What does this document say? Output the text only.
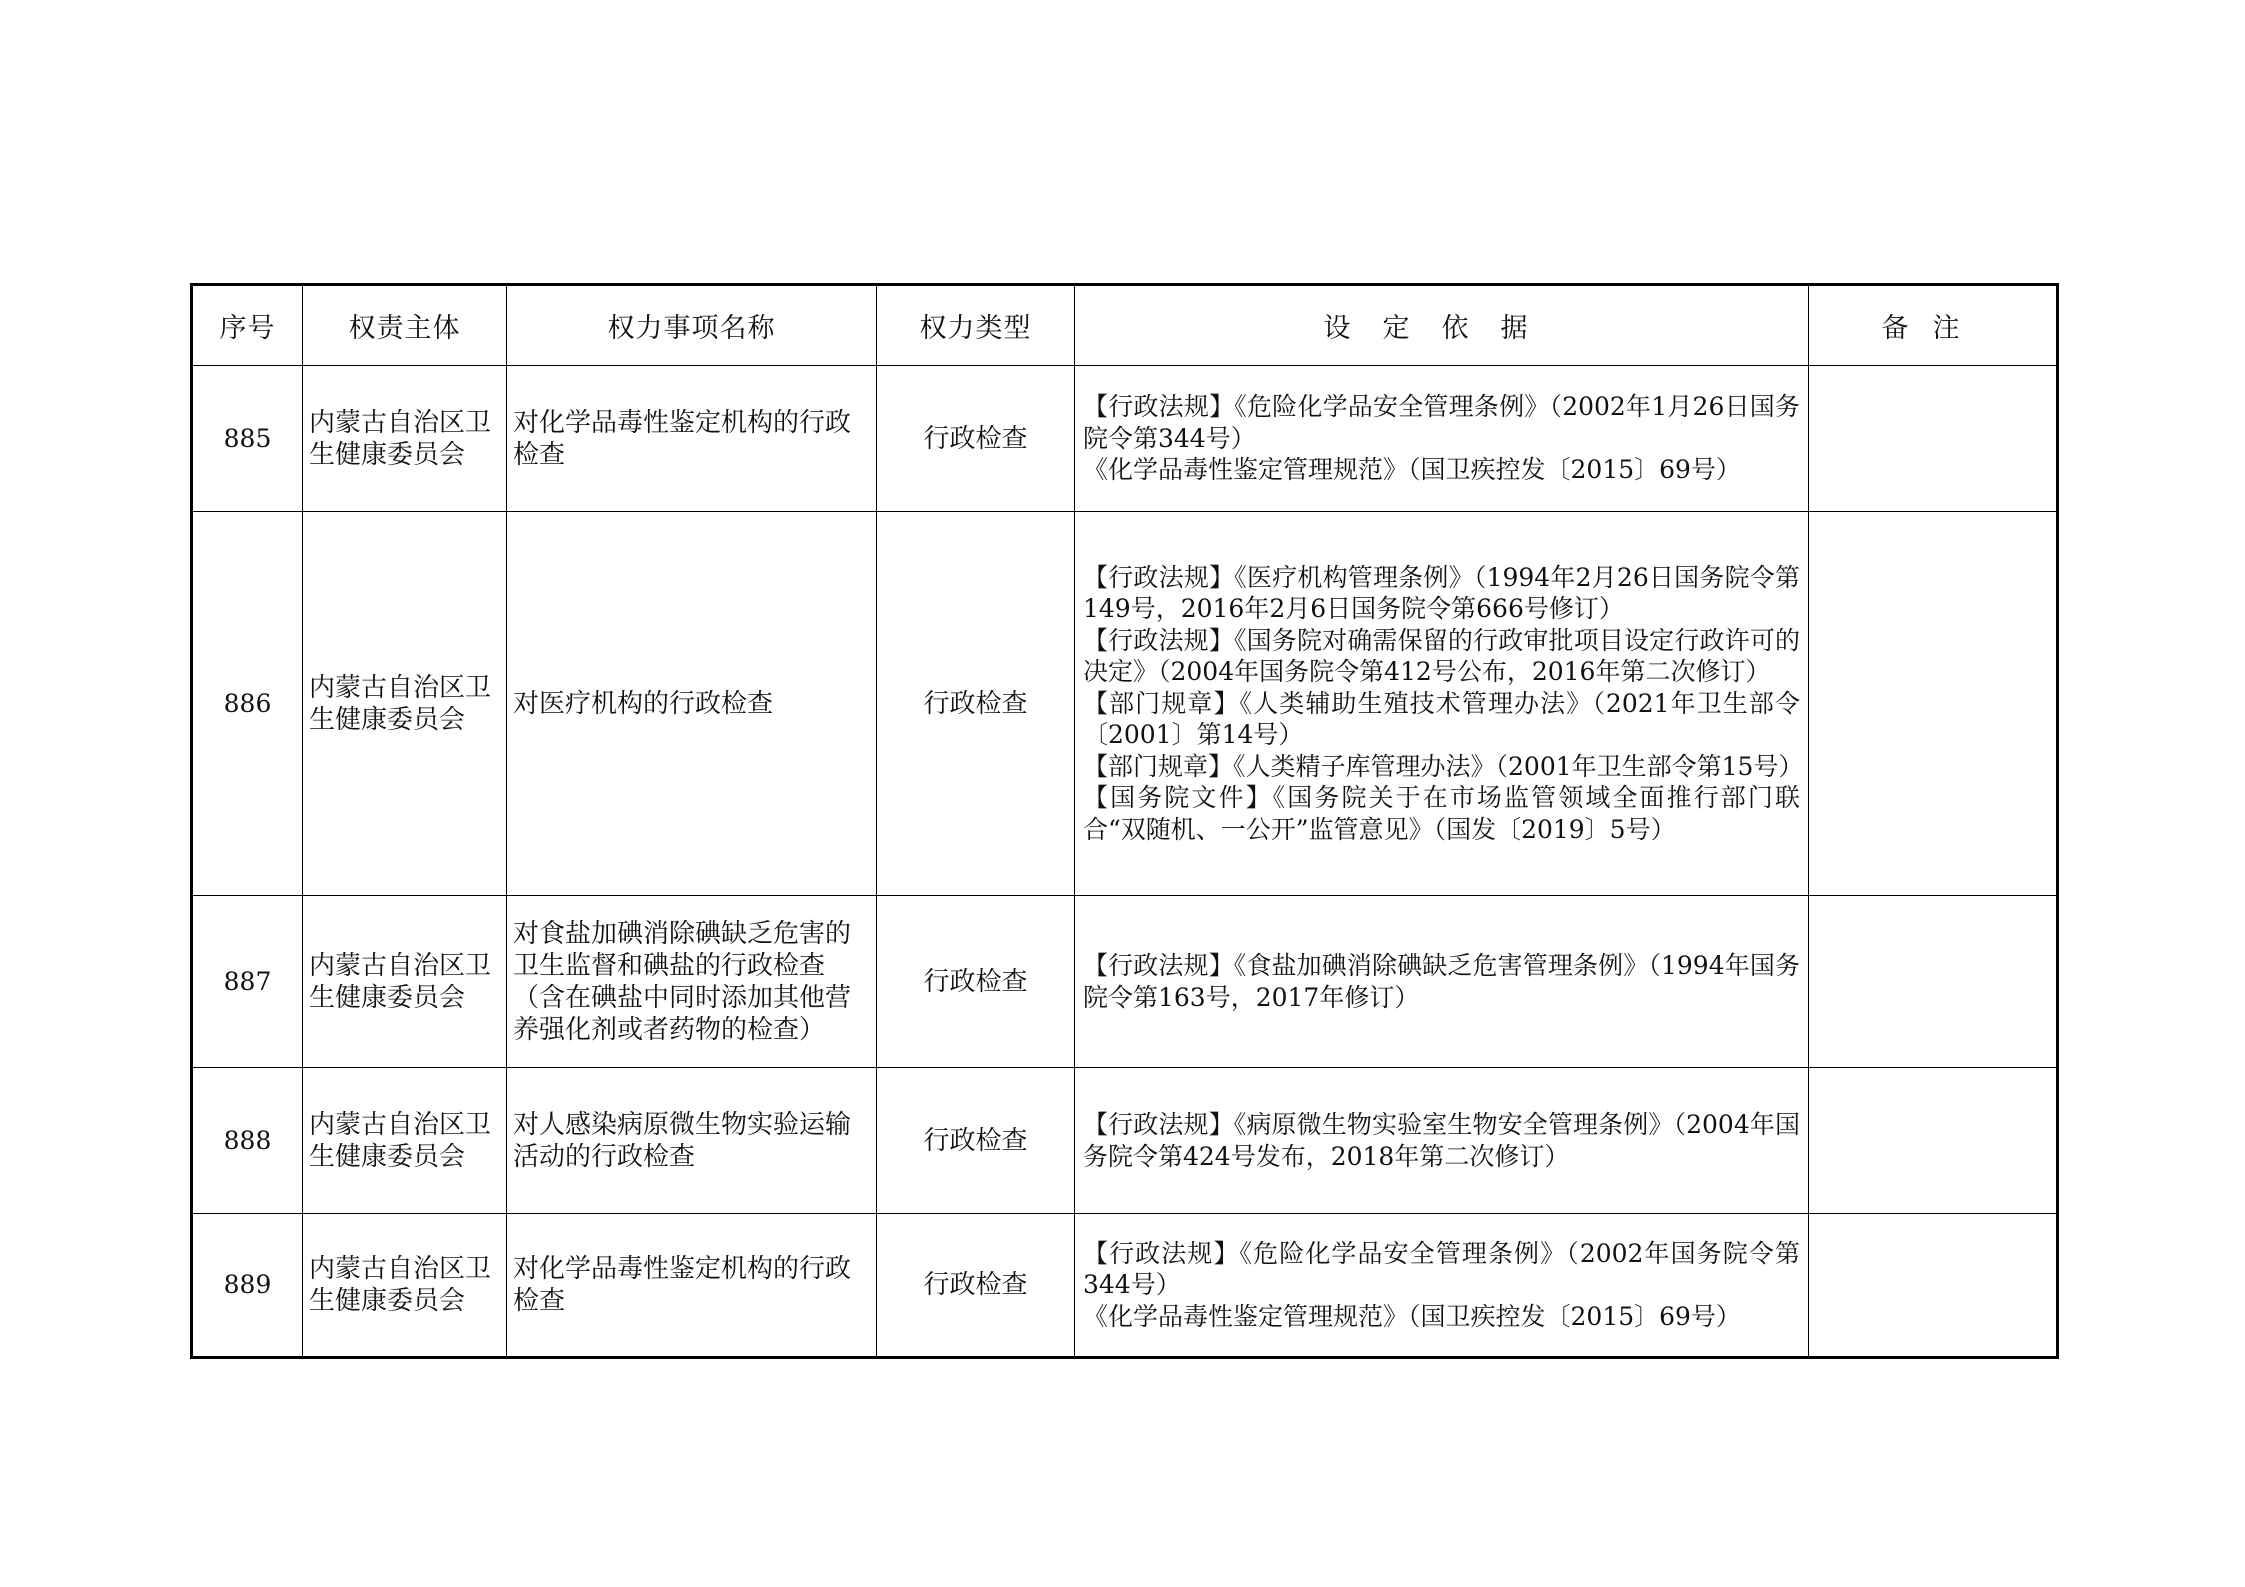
序号	权责主体	权力事项名称	权力类型	设定依据	备注
885	内蒙古自治区卫生健康委员会	对化学品毒性鉴定机构的行政检查	行政检查	【行政法规】《危险化学品安全管理条例》（2002年1月26日国务院令第344号）
《化学品毒性鉴定管理规范》（国卫疾控发〔2015〕69号）	

886	内蒙古自治区卫生健康委员会	对医疗机构的行政检查	行政检查	【行政法规】《医疗机构管理条例》（1994年2月26日国务院令第149号，2016年2月6日国务院令第666号修订）
【行政法规】《国务院对确需保留的行政审批项目设定行政许可的决定》（2004年国务院令第412号公布，2016年第二次修订）
【部门规章】《人类辅助生殖技术管理办法》（2021年卫生部令〔2001〕第14号）
【部门规章】《人类精子库管理办法》（2001年卫生部令第15号）
【国务院文件】《国务院关于在市场监管领域全面推行部门联合“双随机、一公开”监管意见》（国发〔2019〕5号）	

887	内蒙古自治区卫生健康委员会	对食盐加碘消除碘缺乏危害的卫生监督和碘盐的行政检查（含在碘盐中同时添加其他营养强化剂或者药物的检查）	行政检查	【行政法规】《食盐加碘消除碘缺乏危害管理条例》（1994年国务院令第163号，2017年修订）	

888	内蒙古自治区卫生健康委员会	对人感染病原微生物实验运输活动的行政检查	行政检查	【行政法规】《病原微生物实验室生物安全管理条例》（2004年国务院令第424号发布，2018年第二次修订）	

889	内蒙古自治区卫生健康委员会	对化学品毒性鉴定机构的行政检查	行政检查	【行政法规】《危险化学品安全管理条例》（2002年国务院令第344号）
《化学品毒性鉴定管理规范》（国卫疾控发〔2015〕69号）	
